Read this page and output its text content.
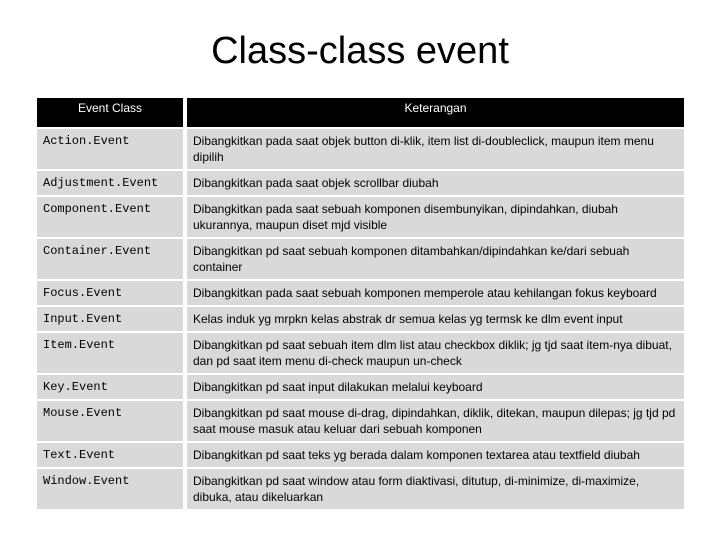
Class-class event
Event Class		Keterangan
Action.Event		Dibangkitkan pada saat objek button di-klik, item list di-doubleclick, maupun item menu dipilih
Adjustment.Event		Dibangkitkan pada saat objek scrollbar diubah
Component.Event		Dibangkitkan pada saat sebuah komponen disembunyikan, dipindahkan, diubah ukurannya, maupun diset mjd visible
Container.Event		Dibangkitkan pd saat sebuah komponen ditambahkan/dipindahkan ke/dari sebuah container
Focus.Event		Dibangkitkan pada saat sebuah komponen memperole atau kehilangan fokus keyboard
Input.Event		Kelas induk yg mrpkn kelas abstrak dr semua kelas yg termsk ke dlm event input
Item.Event		Dibangkitkan pd saat sebuah item dlm list atau checkbox diklik; jg tjd saat item-nya dibuat, dan pd saat item menu di-check maupun un-check
Key.Event		Dibangkitkan pd saat input dilakukan melalui keyboard
Mouse.Event		Dibangkitkan pd saat mouse di-drag, dipindahkan, diklik, ditekan, maupun dilepas; jg tjd pd saat mouse masuk atau keluar dari sebuah komponen
Text.Event		Dibangkitkan pd saat teks yg berada dalam komponen textarea atau textfield diubah
Window.Event		Dibangkitkan pd saat window atau form diaktivasi, ditutup, di-minimize, di-maximize, dibuka, atau dikeluarkan
